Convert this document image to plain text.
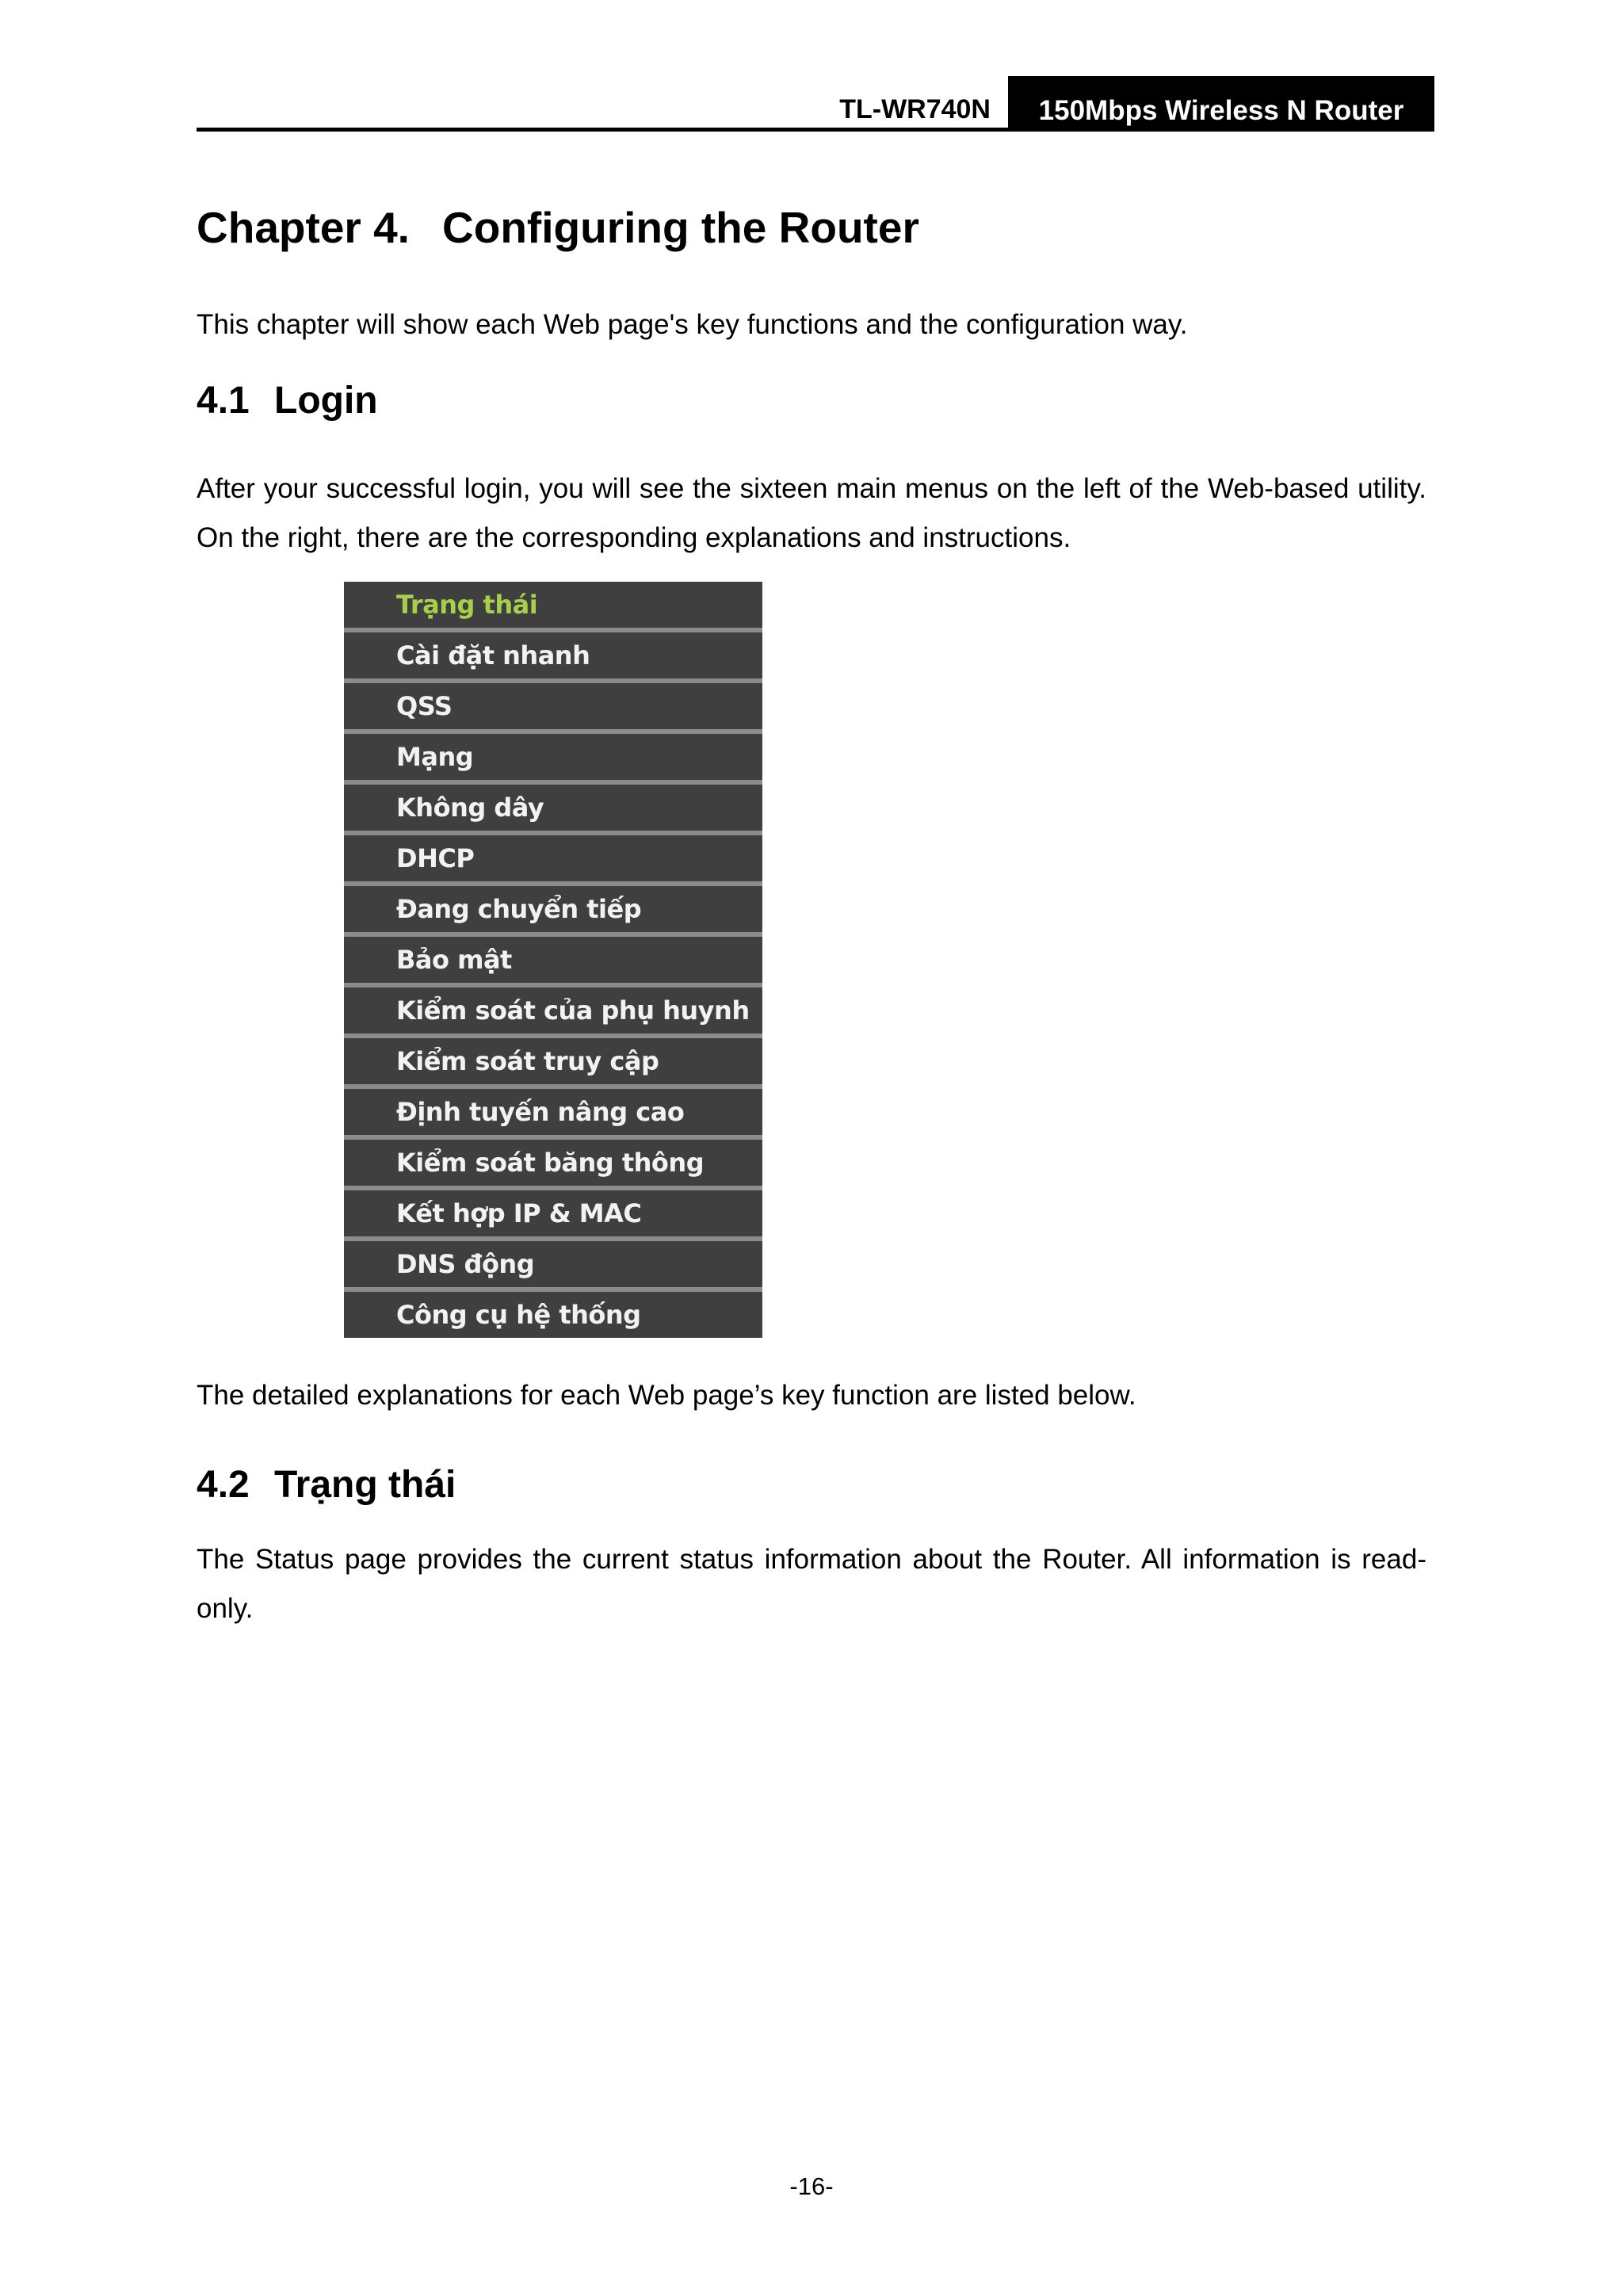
TL-WR740N	150Mbps Wireless N Router
Chapter 4. Configuring the Router
This chapter will show each Web page's key functions and the configuration way.
4.1 Login
After your successful login, you will see the sixteen main menus on the left of the Web-based utility. On the right, there are the corresponding explanations and instructions.
Trạng thái
Cài đặt nhanh
QSS
Mạng
Không dây
DHCP
Đang chuyển tiếp
Bảo mật
Kiểm soát của phụ huynh
Kiểm soát truy cập
Định tuyến nâng cao
Kiểm soát băng thông
Kết hợp IP & MAC
DNS động
Công cụ hệ thống
The detailed explanations for each Web page’s key function are listed below.
4.2 Trạng thái
The Status page provides the current status information about the Router. All information is read-only.
-16-
